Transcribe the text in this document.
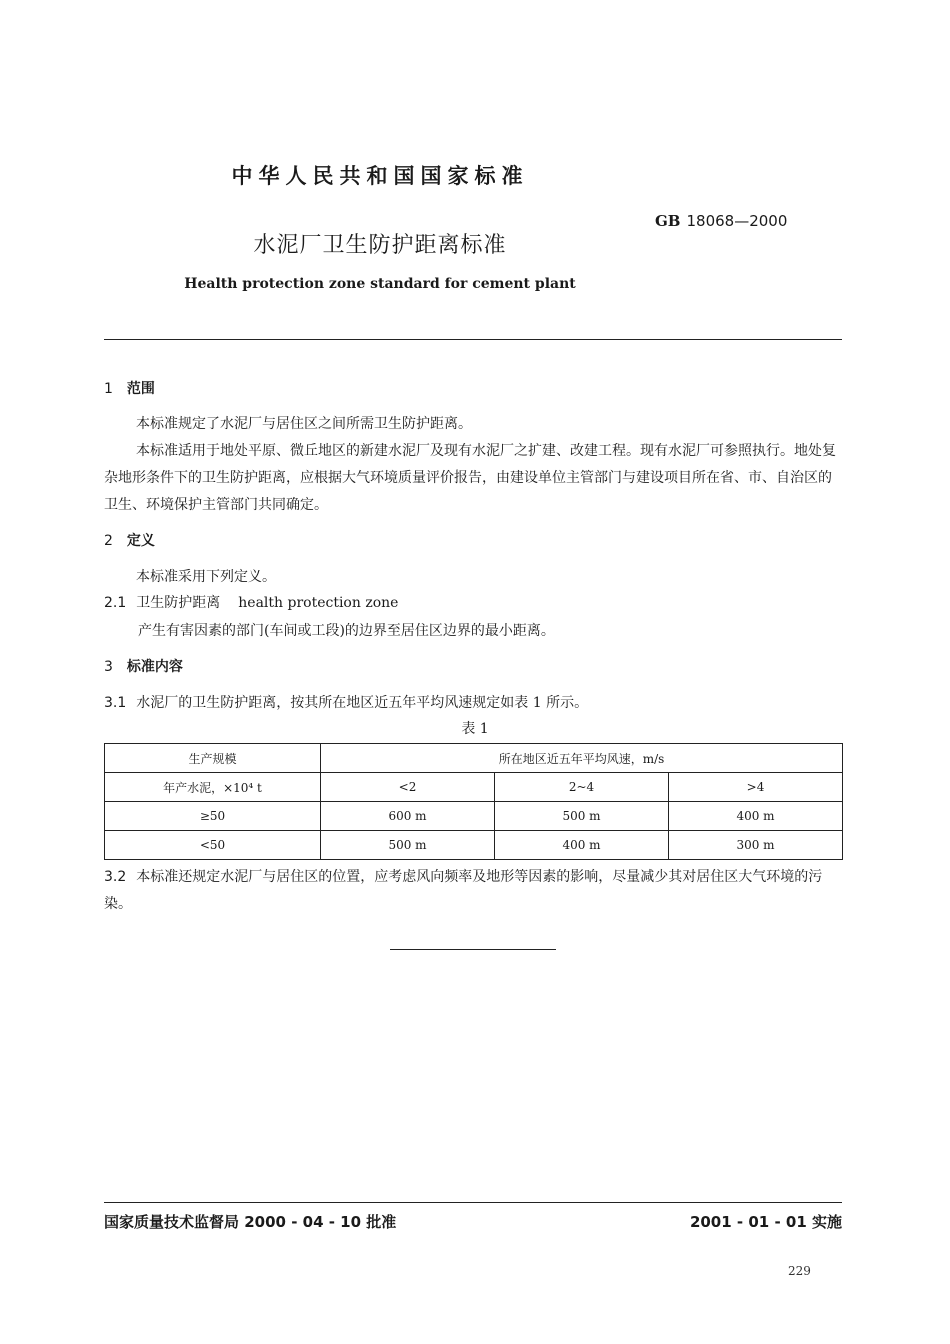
中华人民共和国国家标准
GB 18068—2000
水泥厂卫生防护距离标准
Health protection zone standard for cement plant
1 范围
本标准规定了水泥厂与居住区之间所需卫生防护距离。
本标准适用于地处平原、微丘地区的新建水泥厂及现有水泥厂之扩建、改建工程。现有水泥厂可参照执行。地处复杂地形条件下的卫生防护距离，应根据大气环境质量评价报告，由建设单位主管部门与建设项目所在省、市、自治区的卫生、环境保护主管部门共同确定。
2 定义
本标准采用下列定义。
2.1 卫生防护距离 health protection zone
产生有害因素的部门(车间或工段)的边界至居住区边界的最小距离。
3 标准内容
3.1 水泥厂的卫生防护距离，按其所在地区近五年平均风速规定如表 1 所示。
表 1
生产规模	所在地区近五年平均风速，m/s		
年产水泥，×10⁴ t	<2	2~4	>4
≥50	600 m	500 m	400 m
<50	500 m	400 m	300 m
3.2 本标准还规定水泥厂与居住区的位置，应考虑风向频率及地形等因素的影响，尽量减少其对居住区大气环境的污染。
国家质量技术监督局 2000 - 04 - 10 批准	2001 - 01 - 01 实施
229
